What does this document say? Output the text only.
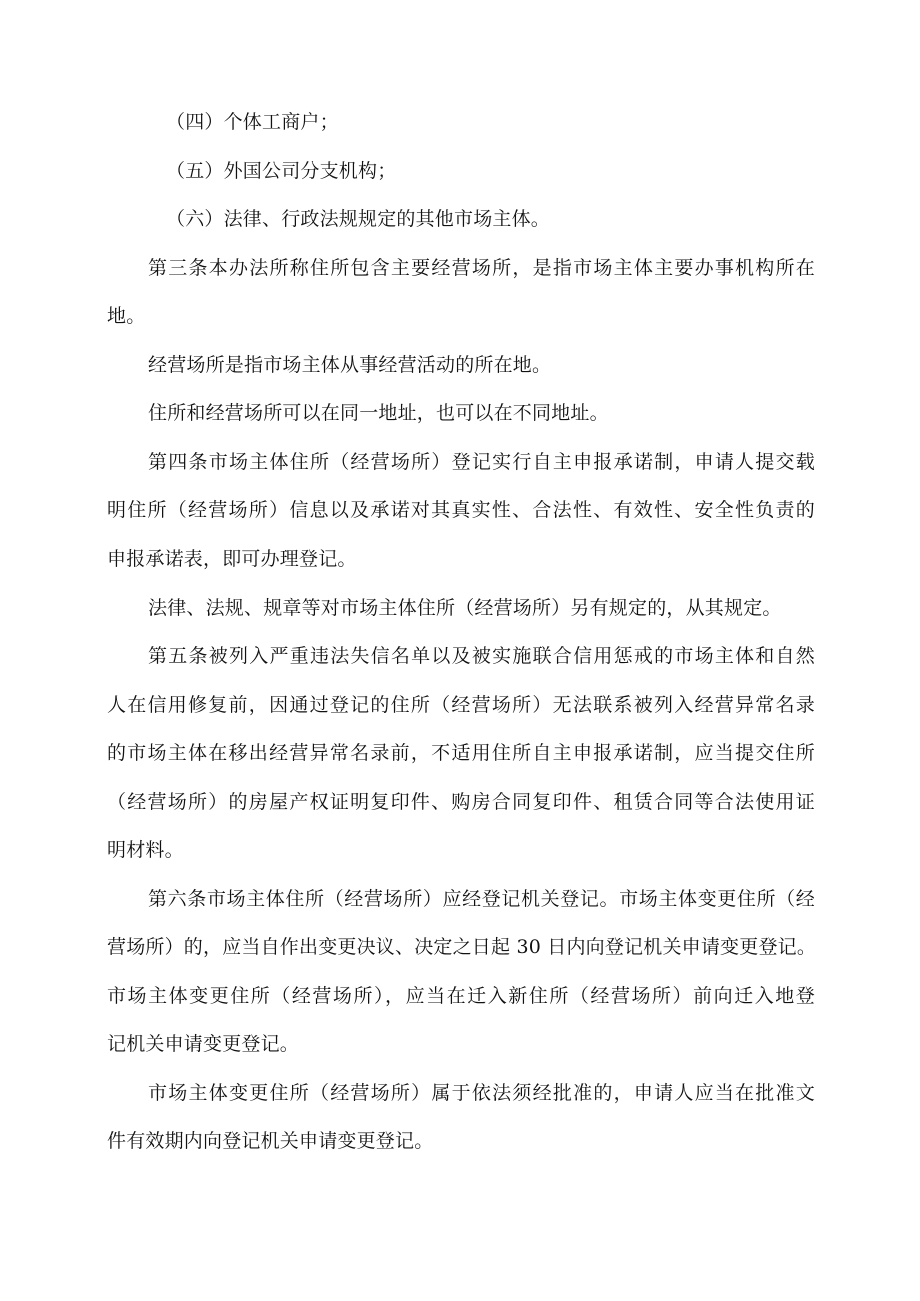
（四）个体工商户；
（五）外国公司分支机构；
（六）法律、行政法规规定的其他市场主体。
第三条本办法所称住所包含主要经营场所，是指市场主体主要办事机构所在
地。
经营场所是指市场主体从事经营活动的所在地。
住所和经营场所可以在同一地址，也可以在不同地址。
第四条市场主体住所（经营场所）登记实行自主申报承诺制，申请人提交载
明住所（经营场所）信息以及承诺对其真实性、合法性、有效性、安全性负责的
申报承诺表，即可办理登记。
法律、法规、规章等对市场主体住所（经营场所）另有规定的，从其规定。
第五条被列入严重违法失信名单以及被实施联合信用惩戒的市场主体和自然
人在信用修复前，因通过登记的住所（经营场所）无法联系被列入经营异常名录
的市场主体在移出经营异常名录前，不适用住所自主申报承诺制，应当提交住所
（经营场所）的房屋产权证明复印件、购房合同复印件、租赁合同等合法使用证
明材料。
第六条市场主体住所（经营场所）应经登记机关登记。市场主体变更住所（经
营场所）的，应当自作出变更决议、决定之日起 30 日内向登记机关申请变更登记。
市场主体变更住所（经营场所），应当在迁入新住所（经营场所）前向迁入地登
记机关申请变更登记。
市场主体变更住所（经营场所）属于依法须经批准的，申请人应当在批准文
件有效期内向登记机关申请变更登记。
